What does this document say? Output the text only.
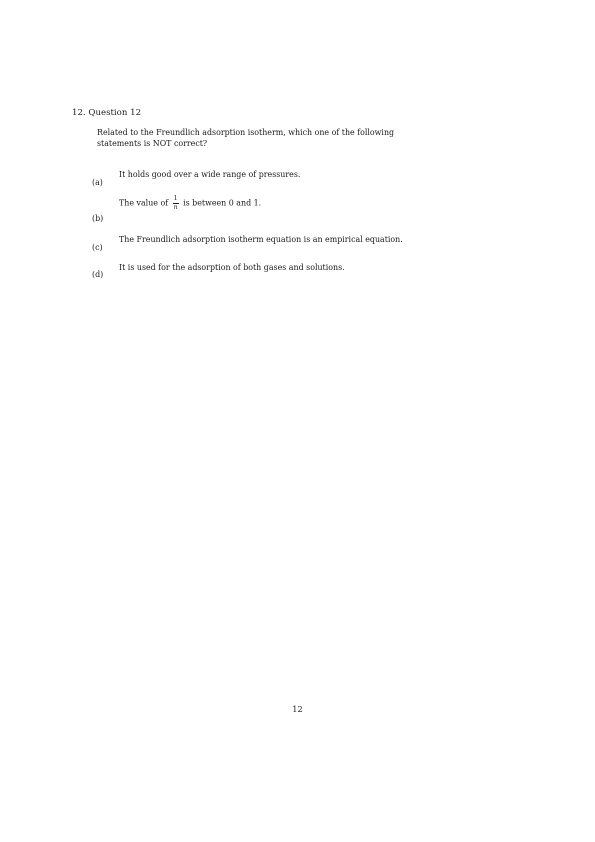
12. Question 12
Related to the Freundlich adsorption isotherm, which one of the following statements is NOT correct?
(a)
It holds good over a wide range of pressures.
(b)
The value of $\frac{1}{n}$ is between 0 and 1.
(c)
The Freundlich adsorption isotherm equation is an empirical equation.
(d)
It is used for the adsorption of both gases and solutions.
12
